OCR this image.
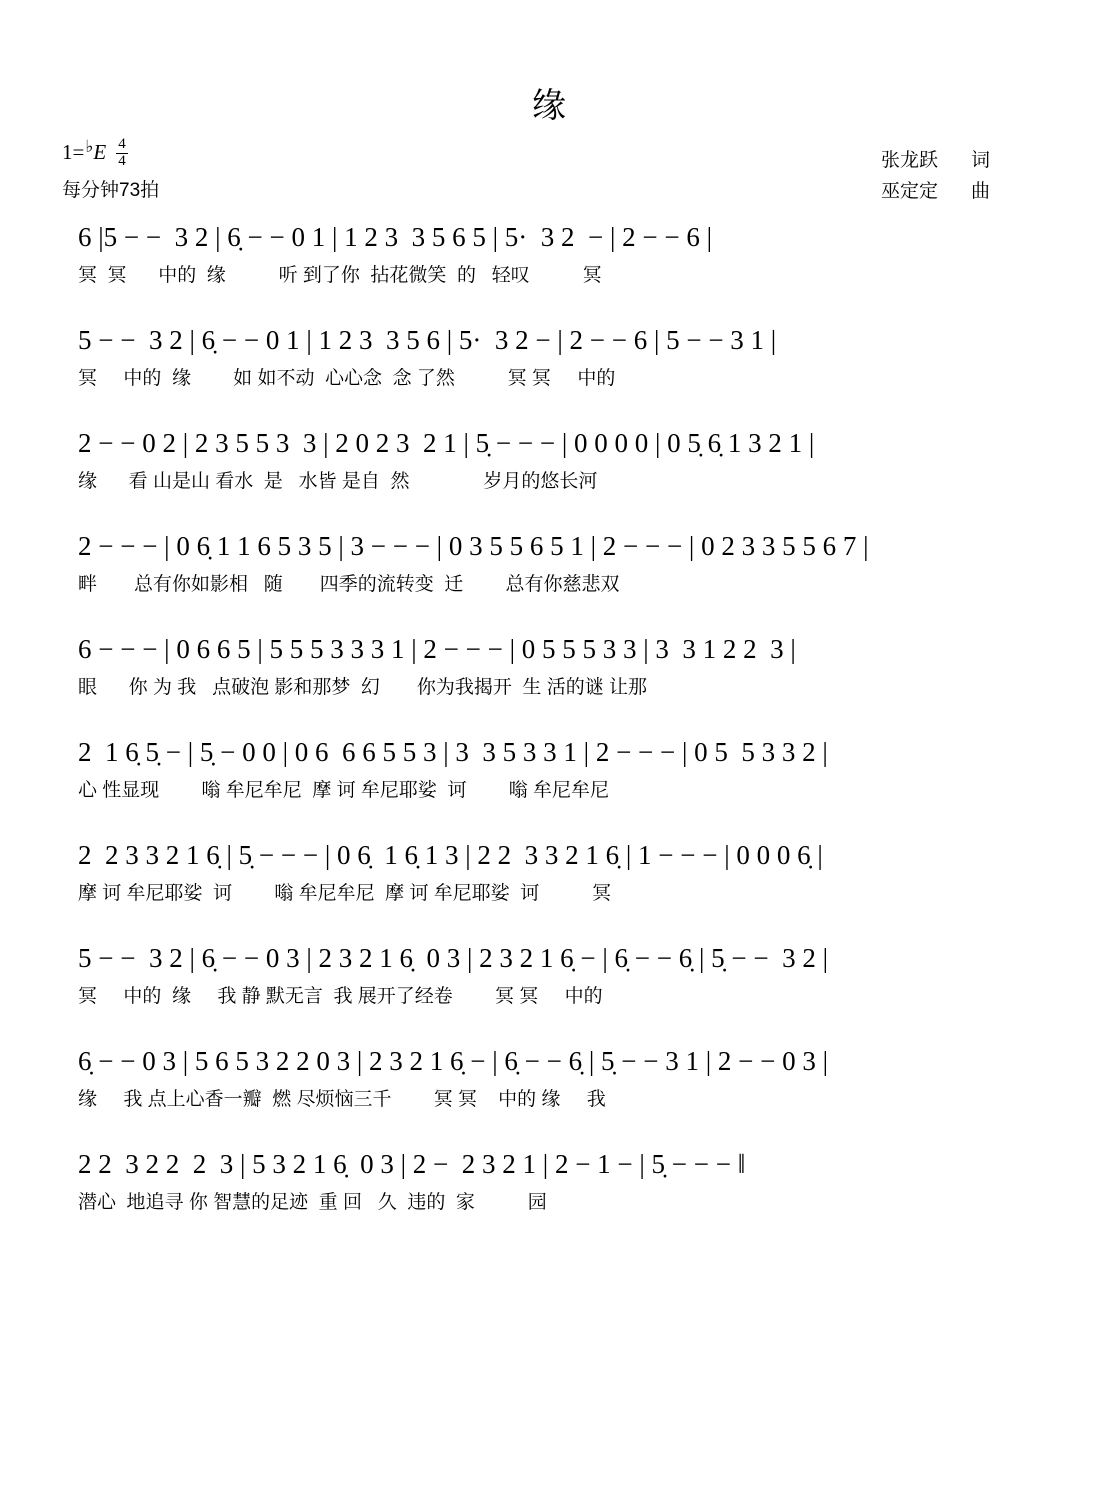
缘
1= ♭ E $\frac{4}{4}$
每分钟73拍
张龙跃 词
巫定定 曲
6 |5 − −  3 2 | 6̣ − − 0 1 | 1 2 3  3 5 6 5 | 5·  3 2  − | 2 − − 6 |
冥  冥      中的  缘          听 到了你  拈花微笑  的   轻叹          冥
5 − −  3 2 | 6̣ − − 0 1 | 1 2 3  3 5 6 | 5·  3 2 − | 2 − − 6 | 5 − − 3 1 |
冥     中的  缘        如 如不动  心心念  念 了然          冥 冥     中的
2 − − 0 2 | 2 3 5 5 3  3 | 2 0 2 3  2 1 | 5̣ − − − | 0 0 0 0 | 0 5̣ 6̣ 1 3 2 1 |
缘      看 山是山 看水  是   水皆 是自  然              岁月的悠长河
2 − − − | 0 6̣ 1 1 6 5 3 5 | 3 − − − | 0 3 5 5 6 5 1 | 2 − − − | 0 2 3 3 5 5 6 7 |
畔       总有你如影相   随       四季的流转变  迁        总有你慈悲双
6 − − − | 0 6 6 5 | 5 5 5 3 3 3 1 | 2 − − − | 0 5 5 5 3 3 | 3  3 1 2 2  3 |
眼      你 为 我   点破泡 影和那梦  幻       你为我揭开  生 活的谜 让那
2  1 6̣ 5̣ − | 5̣ − 0 0 | 0 6  6 6 5 5 3 | 3  3 5 3 3 1 | 2 − − − | 0 5  5 3 3 2 |
心 性显现        嗡 牟尼牟尼  摩 诃 牟尼耶娑  诃        嗡 牟尼牟尼
2  2 3 3 2 1 6̣ | 5̣ − − − | 0 6̣  1 6̣ 1 3 | 2 2  3 3 2 1 6̣ | 1 − − − | 0 0 0 6̣ |
摩 诃 牟尼耶娑  诃        嗡 牟尼牟尼  摩 诃 牟尼耶娑  诃          冥
5 − −  3 2 | 6̣ − − 0 3 | 2 3 2 1 6̣  0 3 | 2 3 2 1 6̣ − | 6̣ − − 6̣ | 5̣ − −  3 2 |
冥     中的  缘     我 静 默无言  我 展开了经卷        冥 冥     中的
6̣ − − 0 3 | 5 6 5 3 2 2 0 3 | 2 3 2 1 6̣ − | 6̣ − − 6̣ | 5̣ − − 3 1 | 2 − − 0 3 |
缘     我 点上心香一瓣  燃 尽烦恼三千        冥 冥    中的 缘     我
2 2  3 2 2  2  3 | 5 3 2 1 6̣  0 3 | 2 −  2 3 2 1 | 2 − 1 − | 5̣ − − − ‖
潜心  地追寻 你 智慧的足迹  重 回   久  违的  家          园
